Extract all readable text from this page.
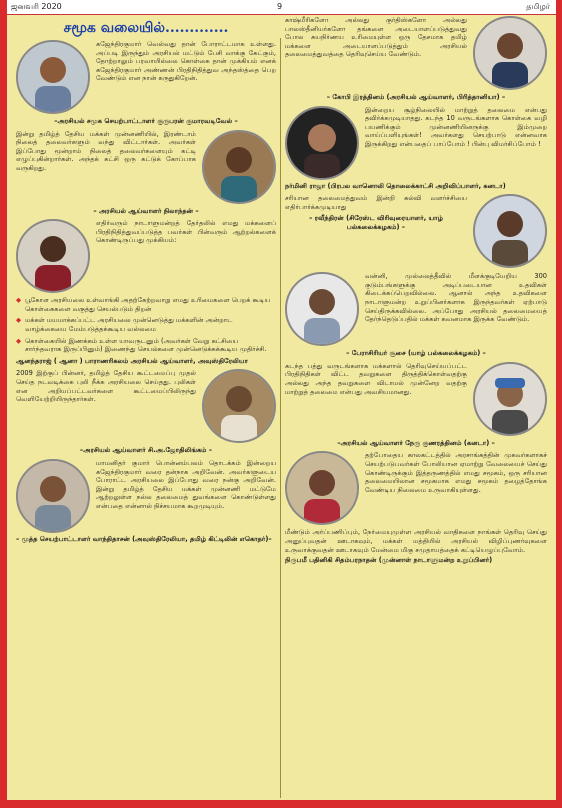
ஜனவரி 2020	9	தமிழர்
சமூக வலையில்.............

கஜேந்திரகுமார் வெல்வது தான் போராட்டமாக உள்ளது. அப்படி இருந்தும் அரசியல் மட்டும் பேசி வாக்கு கேட்கும், தோற்றாலும் பரவாயில்லை கொள்கை தான் முக்கியம் எனக் கஜேந்திரகுமார் அண்ணன் பிரதிநிதித்துவ அந்தஸ்த்தை பெற வேண்டும் என நான் கருதுகிறேன்.

–அரசியல் சமூக செயற்பாட்டாளர் குருபரன் குமாரவடிவேல் –

இன்று தமிழ்த் தேசிய மக்கள் முன்னணியில், இரண்டாம் நிலைத் தலைவர்களும் வந்து விட்டார்கள். அவர்கள் இப்போது மூன்றாம் நிலைத் தலைவர்களையும் கட்டி எழுப்புகின்றார்கள். அந்தக் கட்சி ஒரு கட்டுக் கோப்பாக வருகிறது.

– அரசியல் ஆய்வாளர் நிலாந்தன் –

எதிர்வரும் நாடாளுமன்றத் தேர்தலில் எமது மக்களைப் பிரதிநிதித்துவப்படுத்த பவர்கள் பின்வரும் ஆற்றல்களைக் கொண்டிருப்பது முக்கியம்:

◆ பூகோள அரசியலை உள்வாங்கி அதற்கேற்றவாறு எமது உரிமைகளை பெறக் கூடிய கொள்கைகளை வகுத்து செயல்படும் திறன்
◆ மக்கள் மயமாக்கப்பட்ட அரசியலை முன்னெடுத்து மக்களின் அன்றாட வாழ்க்கையை மேம்படுத்தக்கூடிய வல்லமை
◆ கொள்கையில் இணக்கம் உள்ள யாவருடனும் (அவர்கள் வேறு கட்சியை சார்ந்தவராக இருப்பினும்) இணைந்து செயல்களை முன்னெடுக்கக்கூடிய முதிர்ச்சி.
ஆனந்தராஜ் ( ஆனா ) பாராணரிகலம் அரசியல் ஆய்வாளர், அவுஸ்திரேலியா

2009 இற்குப் பின்னர், தமிழ்த் தேசிய கூட்டமைப்பு முதல் செய்த நடவடிக்கை புலி நீக்க அரசியலை செய்தது. புலிகள் என அறியப்பட்டவர்களை கூட்டமைப்பிலிருந்து வெளியேற்றியிருந்தார்கள்.

–அரசியல் ஆய்வாளர் சி.அ.ஜோதிலிங்கம் –

மாமனிதர் குமார் பொன்னம்பலம் தொடக்கம் இன்றைய கஜேந்திரகுமார் வரை தன்நாக அறிவேன். அவர்களுடைய போராட்ட அரசியலை இப்போது வரை நன்கு அறிவேன். இன்று தமிழ்த் தேசிய மக்கள் முன்னணி மட்டுமே ஆற்றலுள்ள நல்ல தலைமைத் துவங்களை கொண்டுள்ளது என்பதை என்னால் நிச்சயமாக கூறமுடியும்.

– மூத்த செயற்பாட்டாளர் வாந்திதாசன் (அவுஸ்திரேலியா, தமிழ் கிட்டிலின் எகொதர்)–

காஷ்மீரிகளோ அல்லது குர்திஸ்களோ அல்லது பாலஸ்தீனியர்களோ தங்களை அடையாளப்படுத்துவது போல சுயநிர்ணய உரிமையுள்ள ஒரு தேசமாக தமிழ் மக்களை அடையாளப்படுத்தும் அரசியல் தலைமைத்துவத்தை தெரிவுசெய்ய வேண்டும்.

– கோபி இரத்தினம் (அரசியல் ஆய்வாளர், பிரித்தானியா) –

இன்றைய சூழ்நிலையில் மாற்றுத் தலைமை என்பது தவிர்க்கமுடியாதது. கடந்த 10 வருடங்களாக கொள்கை வழி பயணிக்கும் முன்னணியினருக்கு இம்முறை வாய்ப்பளியுங்கள்! அவர்களது செயற்பாடு என்னவாக இருக்கிறது என்பதைப் பாப்போம் ! பின்பு விமர்சிப்போம் !

நர்மினி ராஜா (பிரபல வானொலி தொலைக்காட்சி அறிவிப்பாளர், கனடா)

சரியான தலைமைத்துவம் இன்றி கல்வி வளர்ச்சியை எதிர்பார்க்கமுடியாது

– ரவீந்திரன் (சிரேஸ்ட விரிவுரையாளர், யாழ் பல்கலைக்கழகம்) –

வன்னி, முல்லைத்தீவில் மீளக்குடியேறிய 300 குடும்பங்களுக்கு அடிப்படையான உதவிகள் கிடைக்கப்பெறவில்லை. ஆனால் அந்த உதவிகளை நாடாளுமன்ற உறுப்பினர்களாக இருந்தவர்கள் ஏற்பாடு செய்திருக்கவில்லை. அப்போது அரசியல் தலைமையைத் தேர்ந்தெடுப்பதில் மக்கள் கவனமாக இருக்க வேண்டும்.

– பேராசிரியர் சூசை (யாழ் பல்கலைக்கழகம்) –

கடந்த பத்து வருடங்களாக மக்களால் தெரிவுசெய்யப்பட்ட பிரதிநிதிகள் விட்ட தவறுகளை திருத்திக்கொள்வதற்கு அல்லது அந்த தவறுகளை விடாமல் முன்னேற வதற்கு மாற்றுத் தலைமை என்பது அவசியமானது.

–அரசியல் ஆய்வாளர் நேரு குணரத்தினம் (கனடா) –

தற்போதைய காலகட்டத்தில் அரசாங்கத்தின் முகவர்களாகச் செயற்படுபவர்கள் போலியான ஏமாற்று வேலையைச் செய்து கொண்டிருக்கும் இத்தருணத்தில் எமது சமூகம், ஒரு சரியான தலைமையிலான சமூகமாக எமது சமூகம் தழைத்தோங்க வேண்டிய நிலைமை உருவாகியுள்ளது.

மீண்டும் அர்ப்பணிப்பும், நேர்மையுமுள்ள அரசியல் வாதிகளை நாங்கள் தெரிவு செய்து அனுப்புவதன் ஊடாகவும், மக்கள் மத்தியில் அரசியல் விழிப்புணர்வுகளை உருவாக்குவதன் ஊடாகவும் மேன்மை மிகு சமுதாயத்தைக் கட்டியெழுப்புவோம்.

நிருபமீ பதினிகி சிதம்பரநாதன் (முன்னாள் நாடாளுமன்ற உறுப்பினர்)
